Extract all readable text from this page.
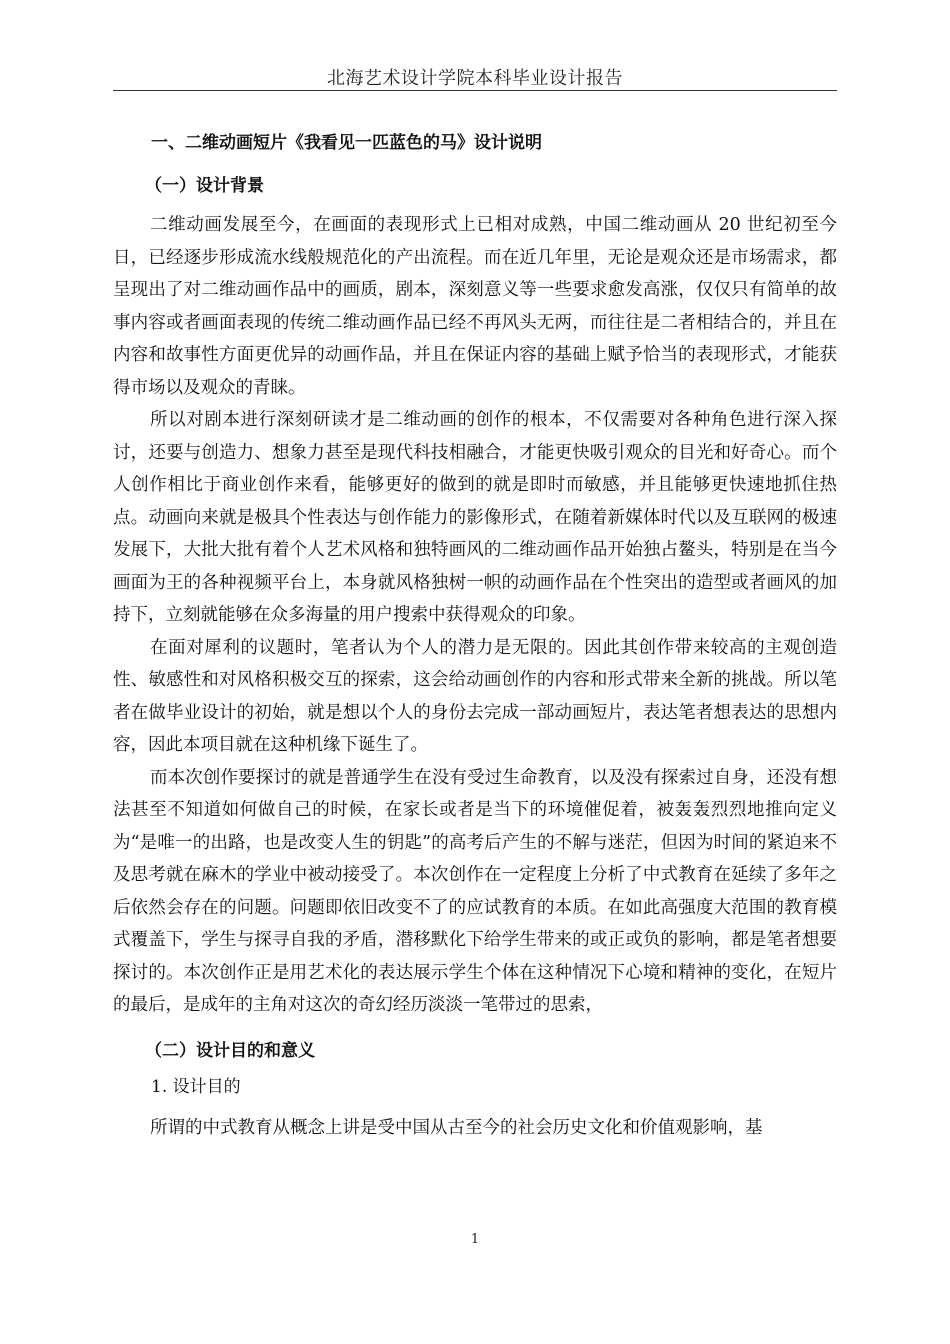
北海艺术设计学院本科毕业设计报告
一、二维动画短片《我看见一匹蓝色的马》设计说明
（一）设计背景

二维动画发展至今，在画面的表现形式上已相对成熟，中国二维动画从 20 世纪初至今日，已经逐步形成流水线般规范化的产出流程。而在近几年里，无论是观众还是市场需求，都呈现出了对二维动画作品中的画质，剧本，深刻意义等一些要求愈发高涨，仅仅只有简单的故事内容或者画面表现的传统二维动画作品已经不再风头无两，而往往是二者相结合的，并且在内容和故事性方面更优异的动画作品，并且在保证内容的基础上赋予恰当的表现形式，才能获得市场以及观众的青睐。

所以对剧本进行深刻研读才是二维动画的创作的根本，不仅需要对各种角色进行深入探讨，还要与创造力、想象力甚至是现代科技相融合，才能更快吸引观众的目光和好奇心。而个人创作相比于商业创作来看，能够更好的做到的就是即时而敏感，并且能够更快速地抓住热点。动画向来就是极具个性表达与创作能力的影像形式，在随着新媒体时代以及互联网的极速发展下，大批大批有着个人艺术风格和独特画风的二维动画作品开始独占鳌头，特别是在当今画面为王的各种视频平台上，本身就风格独树一帜的动画作品在个性突出的造型或者画风的加持下，立刻就能够在众多海量的用户搜索中获得观众的印象。

在面对犀利的议题时，笔者认为个人的潜力是无限的。因此其创作带来较高的主观创造性、敏感性和对风格积极交互的探索，这会给动画创作的内容和形式带来全新的挑战。所以笔者在做毕业设计的初始，就是想以个人的身份去完成一部动画短片，表达笔者想表达的思想内容，因此本项目就在这种机缘下诞生了。

而本次创作要探讨的就是普通学生在没有受过生命教育，以及没有探索过自身，还没有想法甚至不知道如何做自己的时候，在家长或者是当下的环境催促着，被轰轰烈烈地推向定义为“是唯一的出路，也是改变人生的钥匙”的高考后产生的不解与迷茫，但因为时间的紧迫来不及思考就在麻木的学业中被动接受了。本次创作在一定程度上分析了中式教育在延续了多年之后依然会存在的问题。问题即依旧改变不了的应试教育的本质。在如此高强度大范围的教育模式覆盖下，学生与探寻自我的矛盾，潜移默化下给学生带来的或正或负的影响，都是笔者想要探讨的。本次创作正是用艺术化的表达展示学生个体在这种情况下心境和精神的变化，在短片的最后，是成年的主角对这次的奇幻经历淡淡一笔带过的思索，

（二）设计目的和意义
1. 设计目的

所谓的中式教育从概念上讲是受中国从古至今的社会历史文化和价值观影响，基

1
